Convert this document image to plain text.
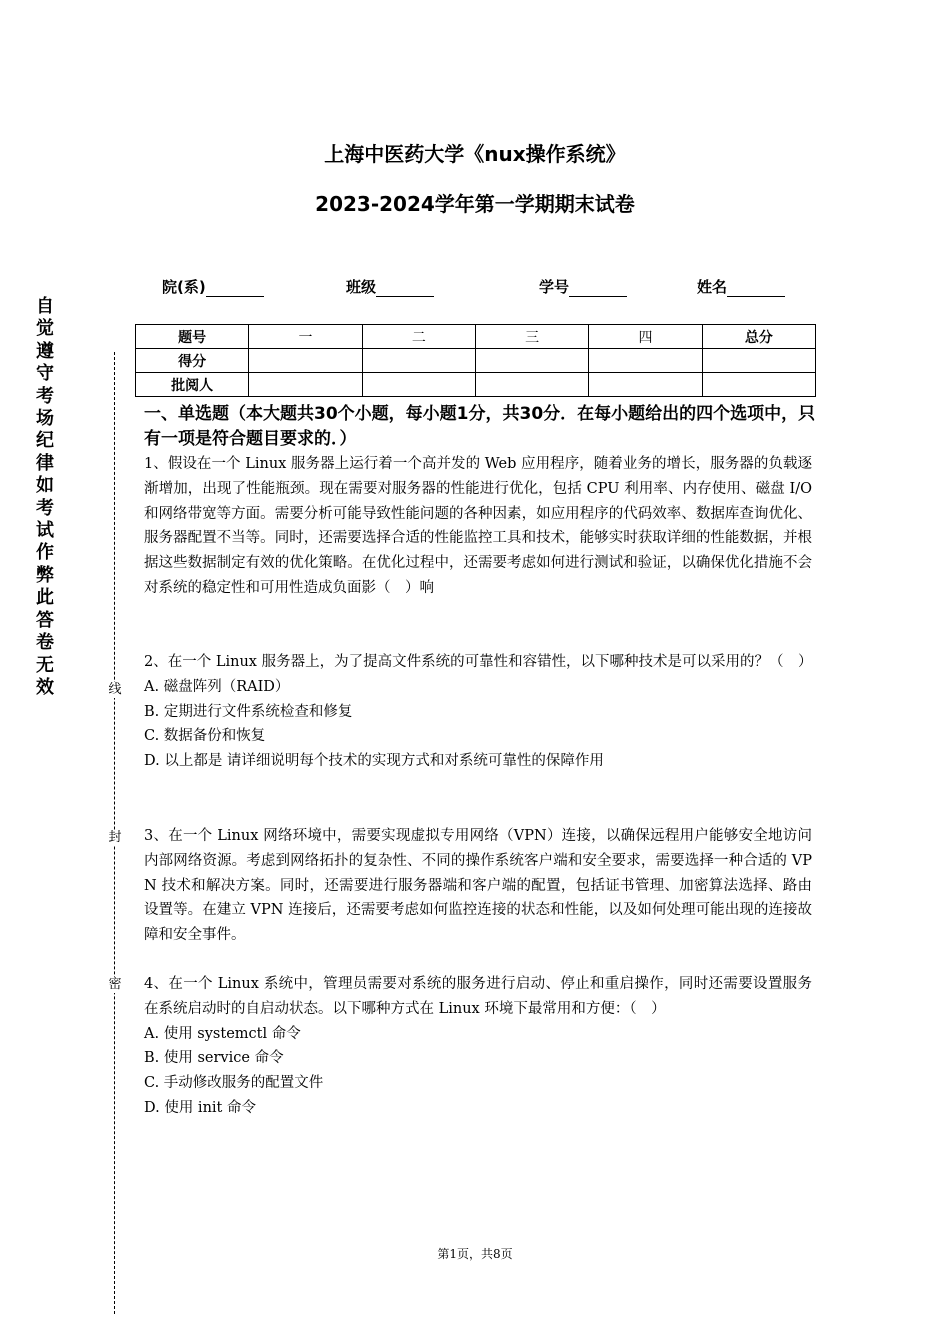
上海中医药大学《nux操作系统》
2023-2024学年第一学期期末试卷
院(系)	班级	学号	姓名
题号	一	二	三	四	总分
得分					
批阅人					
自觉遵守考场纪律如考试作弊此答卷无效	线
封
密
一、单选题（本大题共30个小题，每小题1分，共30分．在每小题给出的四个选项中，只有一项是符合题目要求的．）
1、假设在一个 Linux 服务器上运行着一个高并发的 Web 应用程序，随着业务的增长，服务器的负载逐渐增加，出现了性能瓶颈。现在需要对服务器的性能进行优化，包括 CPU 利用率、内存使用、磁盘 I/O 和网络带宽等方面。需要分析可能导致性能问题的各种因素，如应用程序的代码效率、数据库查询优化、服务器配置不当等。同时，还需要选择合适的性能监控工具和技术，能够实时获取详细的性能数据，并根据这些数据制定有效的优化策略。在优化过程中，还需要考虑如何进行测试和验证，以确保优化措施不会对系统的稳定性和可用性造成负面影（　）响
2、在一个 Linux 服务器上，为了提高文件系统的可靠性和容错性，以下哪种技术是可以采用的？（　）
A. 磁盘阵列（RAID）
B. 定期进行文件系统检查和修复
C. 数据备份和恢复
D. 以上都是 请详细说明每个技术的实现方式和对系统可靠性的保障作用
3、在一个 Linux 网络环境中，需要实现虚拟专用网络（VPN）连接，以确保远程用户能够安全地访问内部网络资源。考虑到网络拓扑的复杂性、不同的操作系统客户端和安全要求，需要选择一种合适的 VPN 技术和解决方案。同时，还需要进行服务器端和客户端的配置，包括证书管理、加密算法选择、路由设置等。在建立 VPN 连接后，还需要考虑如何监控连接的状态和性能，以及如何处理可能出现的连接故障和安全事件。
4、在一个 Linux 系统中，管理员需要对系统的服务进行启动、停止和重启操作，同时还需要设置服务在系统启动时的自启动状态。以下哪种方式在 Linux 环境下最常用和方便：（　）
A. 使用 systemctl 命令
B. 使用 service 命令
C. 手动修改服务的配置文件
D. 使用 init 命令
第1页，共8页
